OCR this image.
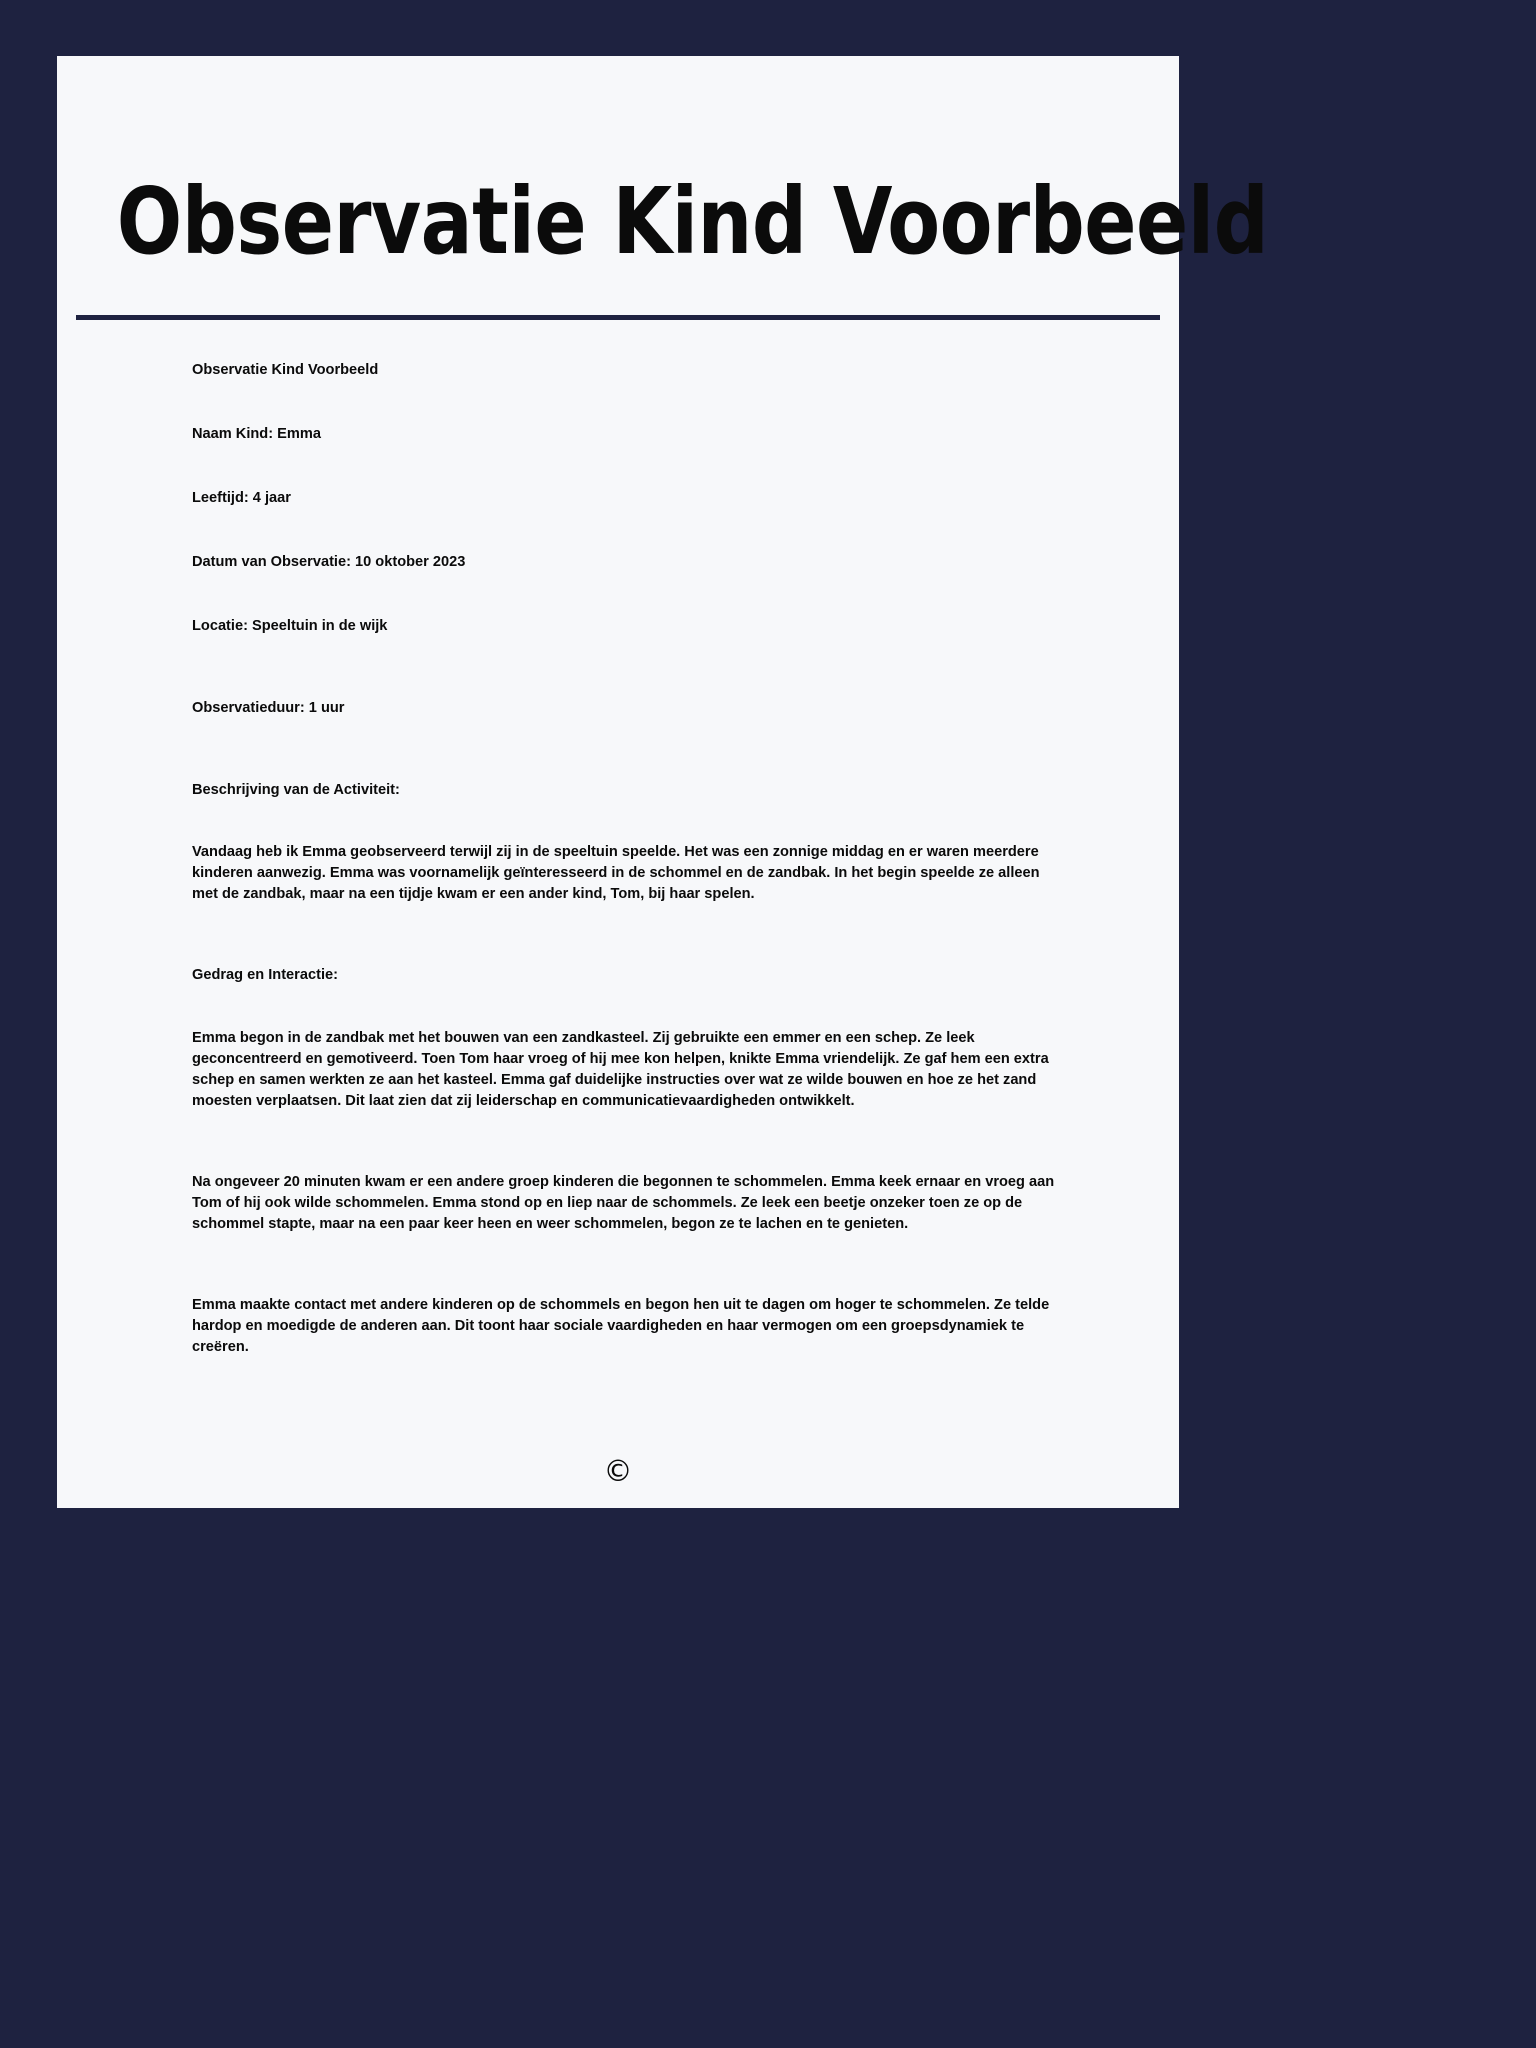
Observatie Kind Voorbeeld
Observatie Kind Voorbeeld
Naam Kind: Emma
Leeftijd: 4 jaar
Datum van Observatie: 10 oktober 2023
Locatie: Speeltuin in de wijk
Observatieduur: 1 uur
Beschrijving van de Activiteit:
Vandaag heb ik Emma geobserveerd terwijl zij in de speeltuin speelde. Het was een zonnige middag en er waren meerdere kinderen aanwezig. Emma was voornamelijk geïnteresseerd in de schommel en de zandbak. In het begin speelde ze alleen met de zandbak, maar na een tijdje kwam er een ander kind, Tom, bij haar spelen.
Gedrag en Interactie:
Emma begon in de zandbak met het bouwen van een zandkasteel. Zij gebruikte een emmer en een schep. Ze leek geconcentreerd en gemotiveerd. Toen Tom haar vroeg of hij mee kon helpen, knikte Emma vriendelijk. Ze gaf hem een extra schep en samen werkten ze aan het kasteel. Emma gaf duidelijke instructies over wat ze wilde bouwen en hoe ze het zand moesten verplaatsen. Dit laat zien dat zij leiderschap en communicatievaardigheden ontwikkelt.
Na ongeveer 20 minuten kwam er een andere groep kinderen die begonnen te schommelen. Emma keek ernaar en vroeg aan Tom of hij ook wilde schommelen. Emma stond op en liep naar de schommels. Ze leek een beetje onzeker toen ze op de schommel stapte, maar na een paar keer heen en weer schommelen, begon ze te lachen en te genieten.
Emma maakte contact met andere kinderen op de schommels en begon hen uit te dagen om hoger te schommelen. Ze telde hardop en moedigde de anderen aan. Dit toont haar sociale vaardigheden en haar vermogen om een groepsdynamiek te creëren.
©
